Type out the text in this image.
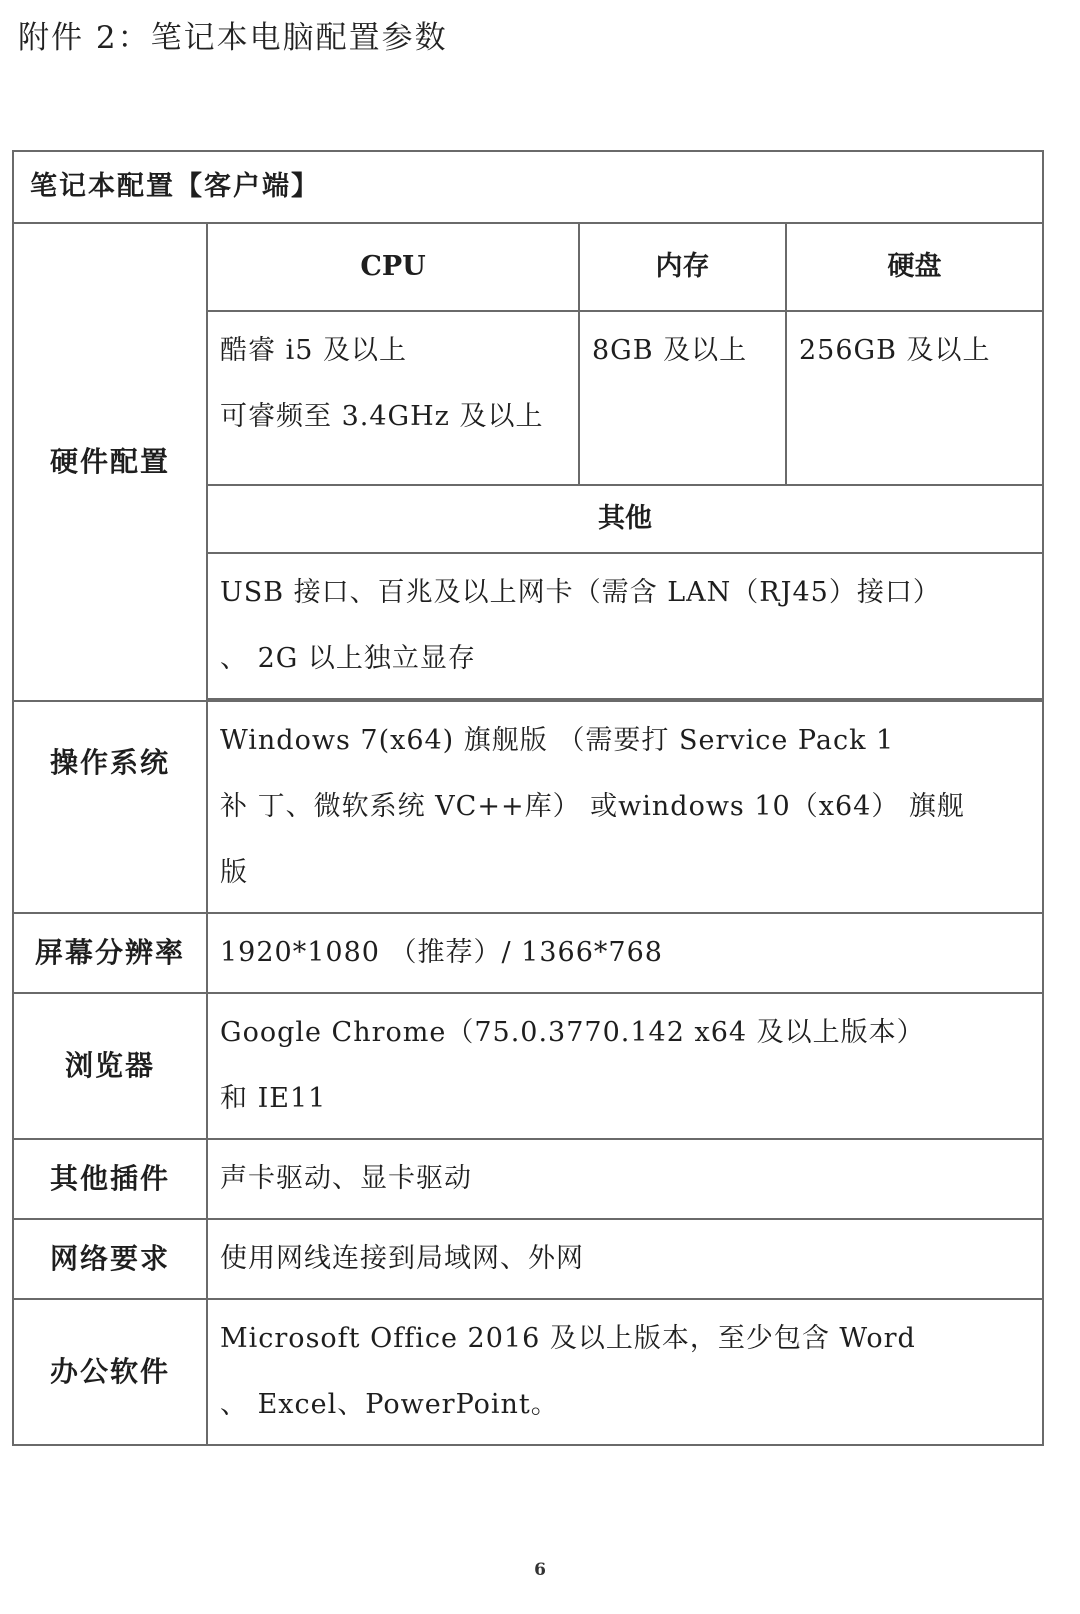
附件 2：笔记本电脑配置参数
笔记本配置【客户端】			
硬件配置	CPU	内存	硬盘

	酷睿 i5 及以上
可睿频至 3.4GHz 及以上	8GB 及以上	256GB 及以上
	其他		

	USB 接口、百兆及以上网卡（需含 LAN（RJ45）接口）
、 2G 以上独立显存		

操作系统	Windows 7(x64) 旗舰版 （需要打 Service Pack 1
补 丁、微软系统 VC++库） 或windows 10（x64） 旗舰
版		

屏幕分辨率	1920*1080 （推荐）/ 1366*768		
浏览器	Google Chrome（75.0.3770.142 x64 及以上版本）
和 IE11		

其他插件	声卡驱动、显卡驱动		
网络要求	使用网线连接到局域网、外网		
办公软件	Microsoft Office 2016 及以上版本，至少包含 Word
、 Excel、PowerPoint。		
6
